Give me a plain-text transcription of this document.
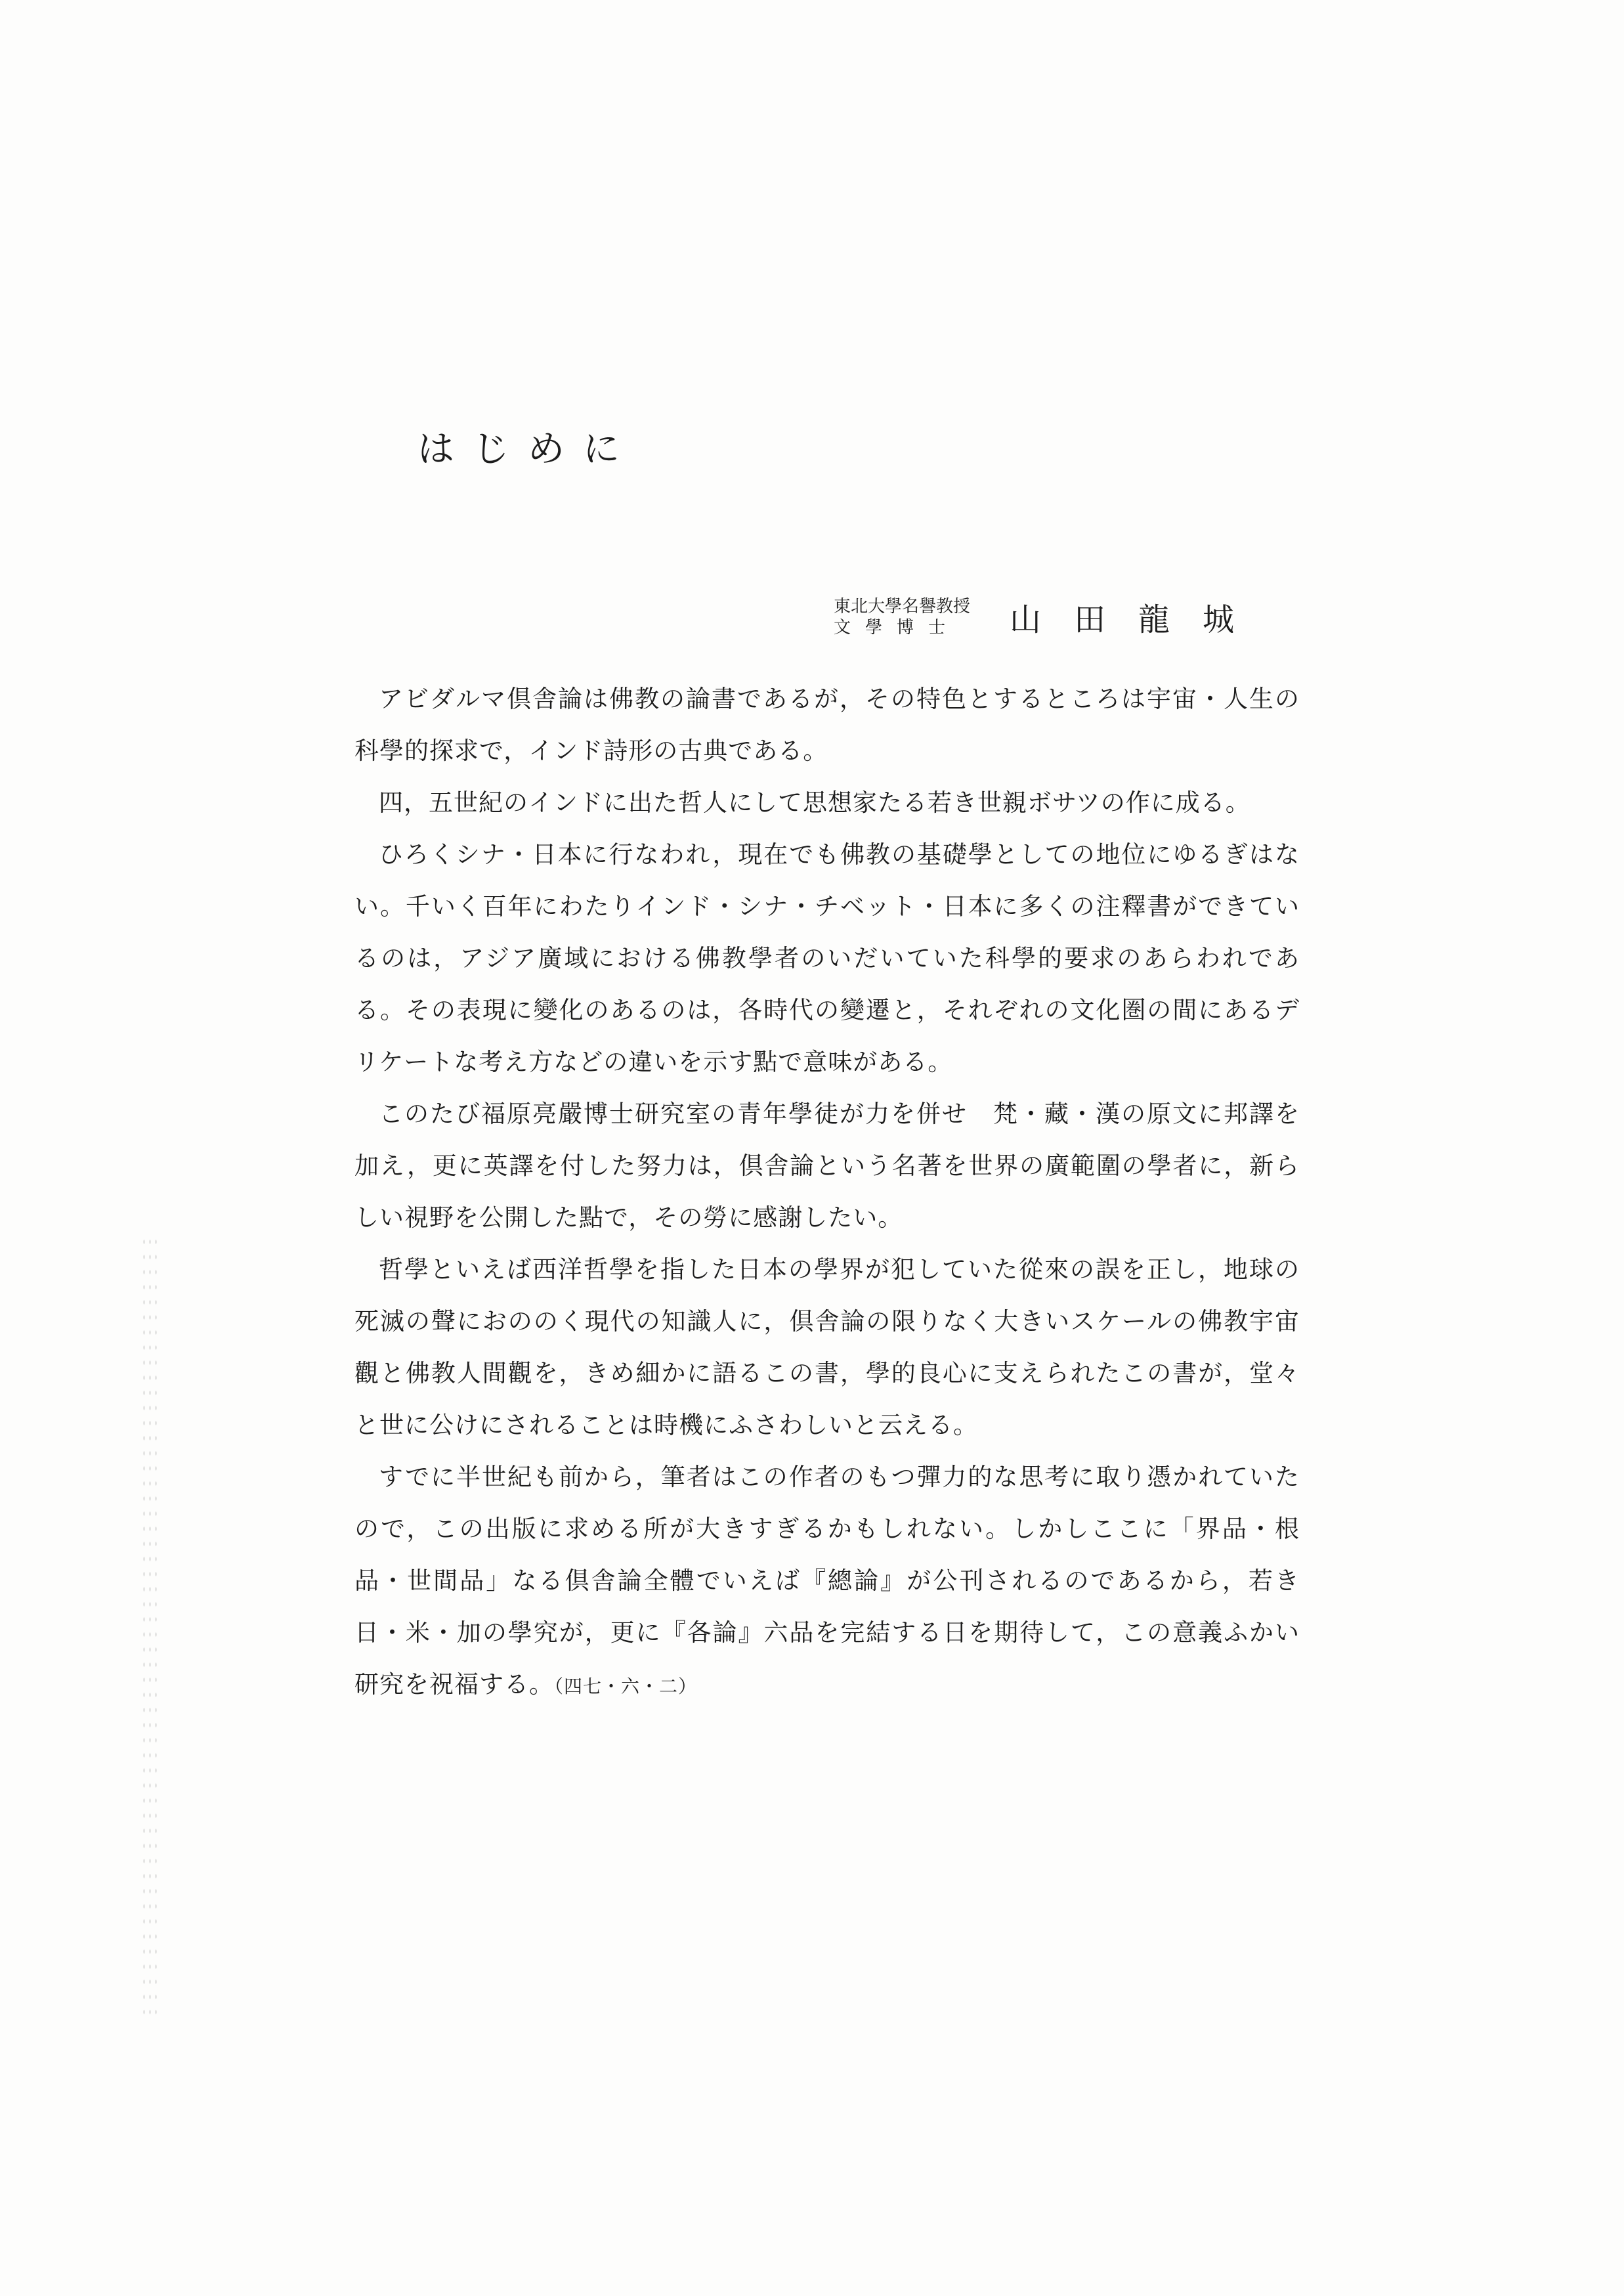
はじめに
東北大學名譽教授
文學博士	山田龍城

アビダルマ倶舎論は佛教の論書であるが，その特色とするところは宇宙・人生の科學的探求で，インド詩形の古典である。

四，五世紀のインドに出た哲人にして思想家たる若き世親ボサツの作に成る。

ひろくシナ・日本に行なわれ，現在でも佛教の基礎學としての地位にゆるぎはない。千いく百年にわたりインド・シナ・チベット・日本に多くの注釋書ができているのは，アジア廣域における佛教學者のいだいていた科學的要求のあらわれである。その表現に變化のあるのは，各時代の變遷と，それぞれの文化圏の間にあるデリケートな考え方などの違いを示す點で意味がある。

このたび福原亮嚴博士研究室の青年學徒が力を併せ　梵・藏・漢の原文に邦譯を加え，更に英譯を付した努力は，倶舎論という名著を世界の廣範圍の學者に，新らしい視野を公開した點で，その勞に感謝したい。

哲學といえば西洋哲學を指した日本の學界が犯していた從來の誤を正し，地球の死滅の聲におののく現代の知識人に，倶舎論の限りなく大きいスケールの佛教宇宙觀と佛教人間觀を，きめ細かに語るこの書，學的良心に支えられたこの書が，堂々と世に公けにされることは時機にふさわしいと云える。

すでに半世紀も前から，筆者はこの作者のもつ彈力的な思考に取り憑かれていたので，この出版に求める所が大きすぎるかもしれない。しかしここに「界品・根品・世間品」なる倶舎論全體でいえば『總論』が公刊されるのであるから，若き日・米・加の學究が，更に『各論』六品を完結する日を期待して，この意義ふかい研究を祝福する。（四七・六・二）
